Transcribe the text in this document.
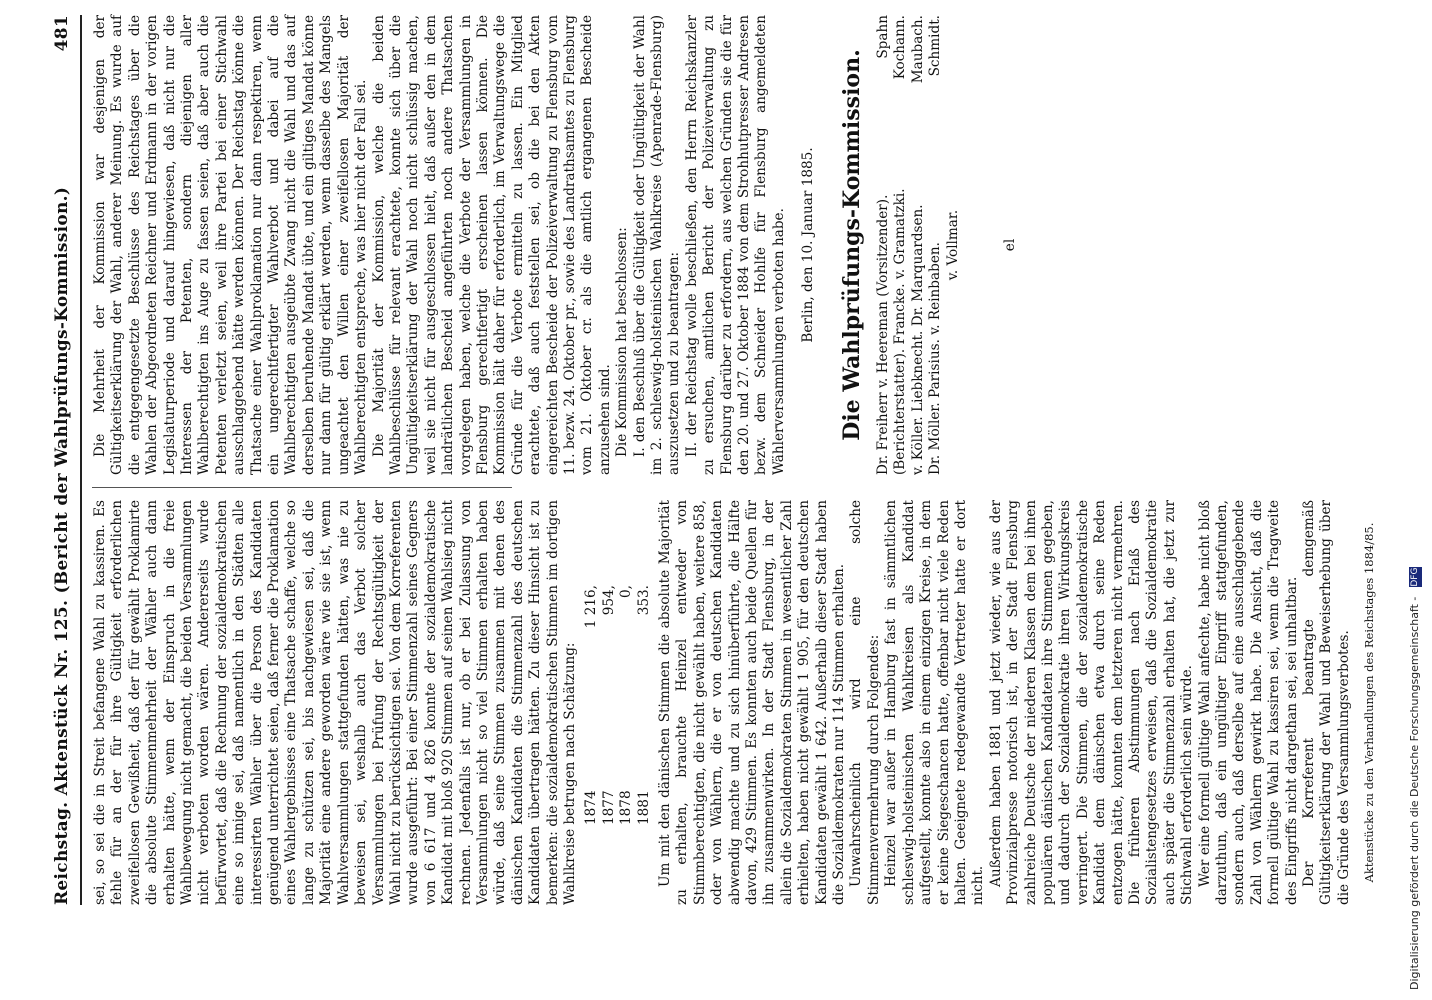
Reichstag. Aktenstück Nr. 125. (Bericht der Wahlprüfungs-Kommission.)
481

sei, so sei die in Streit befangene Wahl zu kassiren. Es fehle für an der für ihre Gültigkeit erforderlichen zweifellosen Gewißheit, daß der für gewählt Proklamirte die absolute Stimmenmehrheit der Wähler auch dann erhalten hätte, wenn der Einspruch in die freie Wahlbewegung nicht gemacht, die beiden Versammlungen nicht verboten worden wären. Andererseits wurde befürwortet, daß die Rechnung der sozialdemokratischen eine so innige sei, daß namentlich in den Städten alle interessirten Wähler über die Person des Kandidaten genügend unterrichtet seien, daß ferner die Proklamation eines Wahlergebnisses eine Thatsache schaffe, welche so lange zu schützen sei, bis nachgewiesen sei, daß die Majorität eine andere geworden wäre wie sie ist, wenn Wahlversammlungen stattgefunden hätten, was nie zu beweisen sei, weshalb auch das Verbot solcher Versammlungen bei Prüfung der Rechtsgültigkeit der Wahl nicht zu berücksichtigen sei. Von dem Korreferenten wurde ausgeführt: Bei einer Stimmenzahl seines Gegners von 6 617 und 4 826 konnte der sozialdemokratische Kandidat mit bloß 920 Stimmen auf seinen Wahlsieg nicht rechnen. Jedenfalls ist nur, ob er bei Zulassung von Versammlungen nicht so viel Stimmen erhalten haben würde, daß seine Stimmen zusammen mit denen des dänischen Kandidaten die Stimmenzahl des deutschen Kandidaten übertragen hätten. Zu dieser Hinsicht ist zu bemerken: die sozialdemokratischen Stimmen im dortigen Wahlkreise betrugen nach Schätzung: 1874
1 216,
1877
954,
1878
0,
1881
353. Um mit den dänischen Stimmen die absolute Majorität zu erhalten, brauchte Heinzel entweder von Stimmberechtigten, die nicht gewählt haben, weitere 858, oder von Wählern, die er von deutschen Kandidaten abwendig machte und zu sich hinüberführte, die Hälfte davon, 429 Stimmen. Es konnten auch beide Quellen für ihn zusammenwirken. In der Stadt Flensburg, in der allein die Sozialdemokraten Stimmen in wesentlicher Zahl erhielten, haben nicht gewählt 1 905, für den deutschen Kandidaten gewählt 1 642. Außerhalb dieser Stadt haben die Sozialdemokraten nur 114 Stimmen erhalten. Unwahrscheinlich wird eine solche Stimmenvermehrung durch Folgendes: Heinzel war außer in Hamburg fast in sämmtlichen schleswig-holsteinischen Wahlkreisen als Kandidat aufgestellt, konnte also in einem einzigen Kreise, in dem er keine Siegeschancen hatte, offenbar nicht viele Reden halten. Geeignete redegewandte Vertreter hatte er dort nicht. Außerdem haben 1881 und jetzt wieder, wie aus der Provinzialpresse notorisch ist, in der Stadt Flensburg zahlreiche Deutsche der niederen Klassen dem bei ihnen populären dänischen Kandidaten ihre Stimmen gegeben, und dadurch der Sozialdemokratie ihren Wirkungskreis verringert. Die Stimmen, die der sozialdemokratische Kandidat dem dänischen etwa durch seine Reden entzogen hätte, konnten dem letzteren nicht vermehren. Die früheren Abstimmungen nach Erlaß des Sozialistengesetzes erweisen, daß die Sozialdemokratie auch später die Stimmenzahl erhalten hat, die jetzt zur Stichwahl erforderlich sein würde. Wer eine formell gültige Wahl anfechte, habe nicht bloß darzuthun, daß ein ungültiger Eingriff stattgefunden, sondern auch, daß derselbe auf eine ausschlaggebende Zahl von Wählern gewirkt habe. Die Ansicht, daß die formell gültige Wahl zu kassiren sei, wenn die Tragweite des Eingriffs nicht dargethan sei, sei unhaltbar. Der Korreferent beantragte demgemäß Gültigkeitserklärung der Wahl und Beweiserhebung über die Gründe des Versammlungsverbotes. Aktenstücke zu den Verhandlungen des Reichstages 1884/85.

Die Mehrheit der Kommission war desjenigen der Gültigkeitserklärung der Wahl, anderer Meinung. Es wurde auf die entgegengesetzte Beschlüsse des Reichstages über die Wahlen der Abgeordneten Reichner und Erdmann in der vorigen Legislaturperiode und darauf hingewiesen, daß nicht nur die Interessen der Petenten, sondern diejenigen aller Wahlberechtigten ins Auge zu fassen seien, daß aber auch die Petenten verletzt seien, weil ihre Partei bei einer Stichwahl ausschlaggebend hätte werden können. Der Reichstag könne die Thatsache einer Wahlproklamation nur dann respektiren, wenn ein ungerechtfertigter Wahlverbot und dabei auf die Wahlberechtigten ausgeübte Zwang nicht die Wahl und das auf derselben beruhende Mandat übte, und ein giltiges Mandat könne nur dann für gültig erklärt werden, wenn dasselbe des Mangels ungeachtet den Willen einer zweifellosen Majorität der Wahlberechtigten entspreche, was hier nicht der Fall sei. Die Majorität der Kommission, welche die beiden Wahlbeschlüsse für relevant erachtete, konnte sich über die Ungültigkeitserklärung der Wahl noch nicht schlüssig machen, weil sie nicht für ausgeschlossen hielt, daß außer den in dem landrätlichen Bescheid angeführten noch andere Thatsachen vorgelegen haben, welche die Verbote der Versammlungen in Flensburg gerechtfertigt erscheinen lassen können. Die Kommission hält daher für erforderlich, im Verwaltungswege die Gründe für die Verbote ermitteln zu lassen. Ein Mitglied erachtete, daß auch feststellen sei, ob die bei den Akten eingereichten Bescheide der Polizeiverwaltung zu Flensburg vom 11. bezw. 24. Oktober pr., sowie des Landrathsamtes zu Flensburg vom 21. Oktober cr. als die amtlich ergangenen Bescheide anzusehen sind. Die Kommission hat beschlossen: I. den Beschluß über die Gültigkeit oder Ungültigkeit der Wahl im 2. schleswig-holsteinischen Wahlkreise (Apenrade-Flensburg) auszusetzen und zu beantragen: II. der Reichstag wolle beschließen, den Herrn Reichskanzler zu ersuchen, amtlichen Bericht der Polizeiverwaltung zu Flensburg darüber zu erfordern, aus welchen Gründen sie die für den 20. und 27. Oktober 1884 von dem Strohhutpresser Andresen bezw. dem Schneider Hohlfe für Flensburg angemeldeten Wählerversammlungen verboten habe. Berlin, den 10. Januar 1885. Die Wahlprüfungs-Kommission. Dr. Freiherr v. Heereman (Vorsitzender).
Spahn
(Berichterstatter). Francke. v. Gramatzki.
Kochann.
v. Köller. Liebknecht. Dr. Marquardsen.
Maubach.
Dr. Möller. Parisius. v. Reinbaben.
Schmidt.
v. Vollmar.	el
Digitalisierung gefördert durch die Deutsche Forschungsgemeinschaft - DFG
